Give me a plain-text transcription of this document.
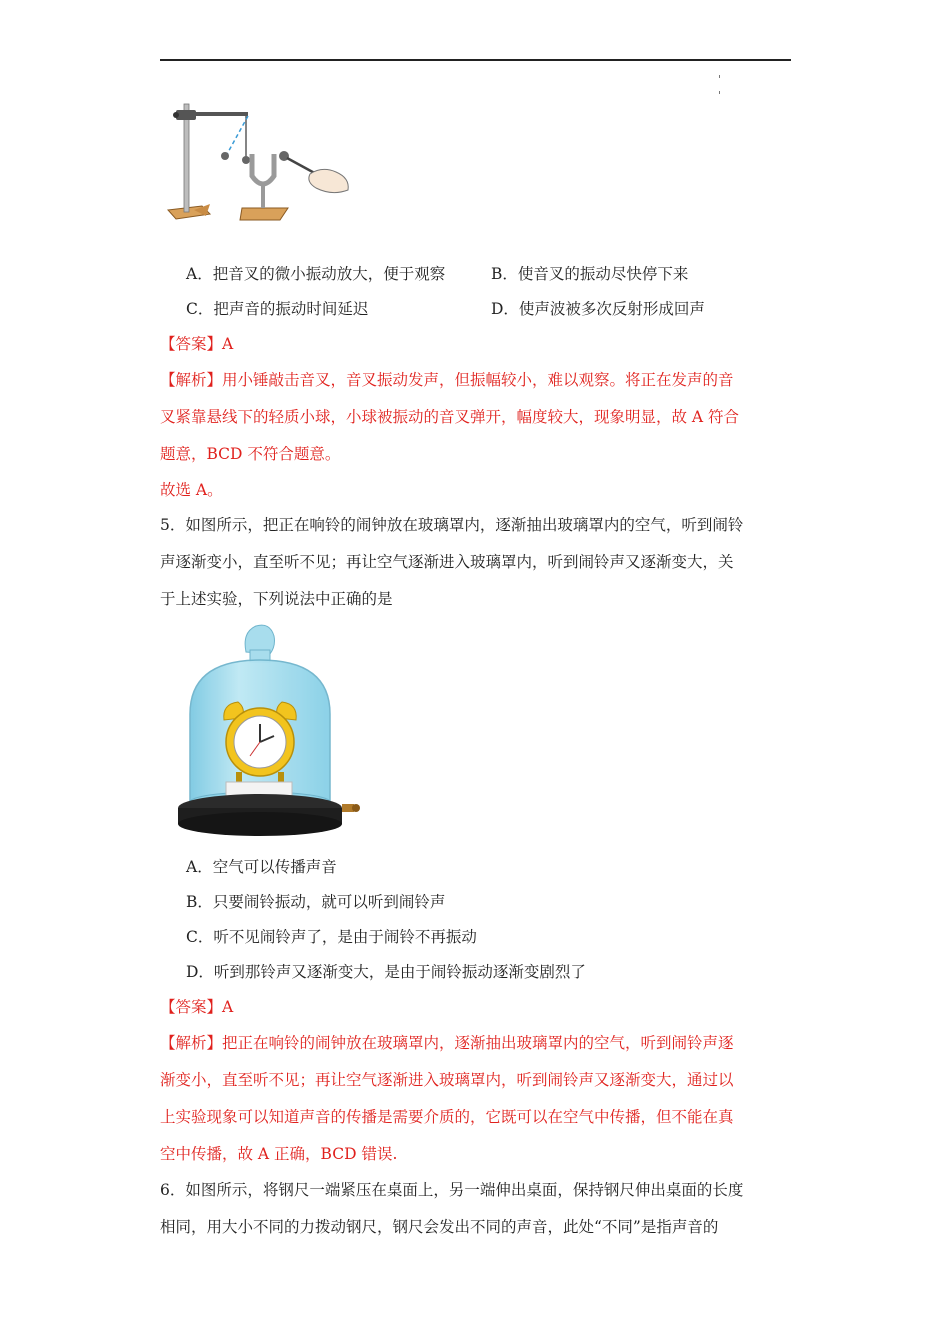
A．把音叉的微小振动放大，便于观察	B．使音叉的振动尽快停下来
C．把声音的振动时间延迟	D．使声波被多次反射形成回声
【答案】A
【解析】用小锤敲击音叉，音叉振动发声，但振幅较小，难以观察。将正在发声的音
叉紧靠悬线下的轻质小球，小球被振动的音叉弹开，幅度较大，现象明显，故 A 符合
题意，BCD 不符合题意。
故选 A。
5．如图所示，把正在响铃的闹钟放在玻璃罩内，逐渐抽出玻璃罩内的空气，听到闹铃
声逐渐变小，直至听不见；再让空气逐渐进入玻璃罩内，听到闹铃声又逐渐变大，关
于上述实验，下列说法中正确的是
A．空气可以传播声音
B．只要闹铃振动，就可以听到闹铃声
C．听不见闹铃声了，是由于闹铃不再振动
D．听到那铃声又逐渐变大，是由于闹铃振动逐渐变剧烈了
【答案】A
【解析】把正在响铃的闹钟放在玻璃罩内，逐渐抽出玻璃罩内的空气，听到闹铃声逐
渐变小，直至听不见；再让空气逐渐进入玻璃罩内，听到闹铃声又逐渐变大，通过以
上实验现象可以知道声音的传播是需要介质的，它既可以在空气中传播，但不能在真
空中传播，故 A 正确，BCD 错误.
6．如图所示，将钢尺一端紧压在桌面上，另一端伸出桌面，保持钢尺伸出桌面的长度
相同，用大小不同的力拨动钢尺，钢尺会发出不同的声音，此处“不同”是指声音的
